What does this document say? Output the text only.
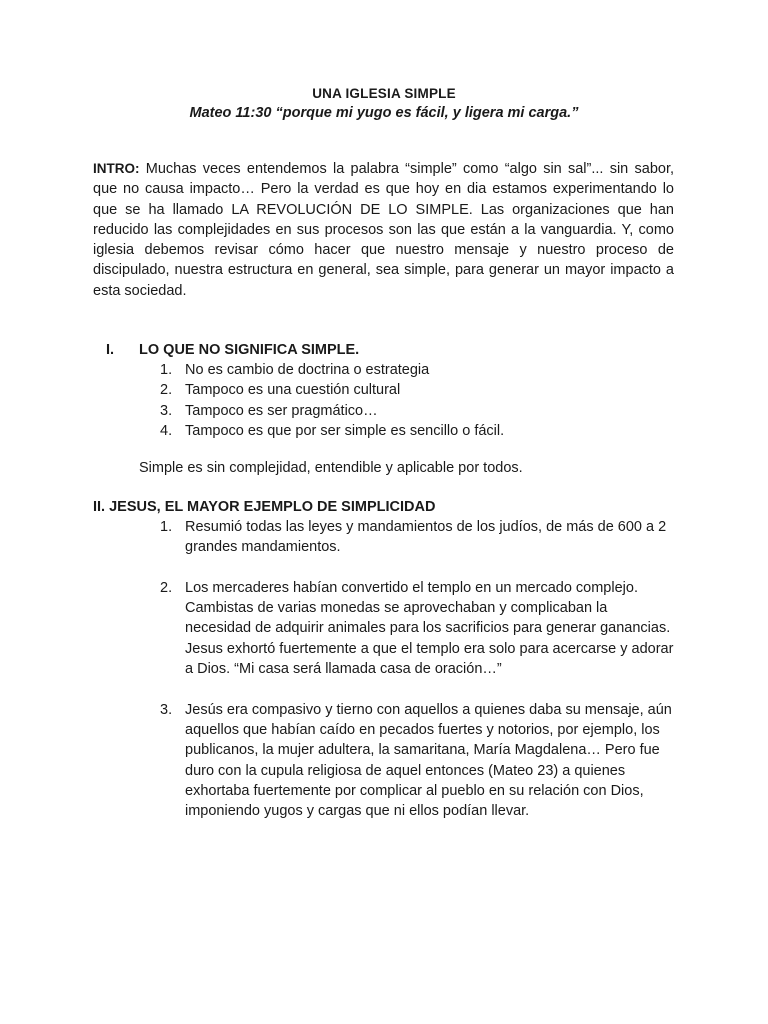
UNA IGLESIA SIMPLE
Mateo 11:30 “porque mi yugo es fácil, y ligera mi carga.”

INTRO: Muchas veces entendemos la palabra “simple” como “algo sin sal”... sin sabor, que no causa impacto… Pero la verdad es que hoy en dia estamos experimentando lo que se ha llamado LA REVOLUCIÓN DE LO SIMPLE. Las organizaciones que han reducido las complejidades en sus procesos son las que están a la vanguardia. Y, como iglesia debemos revisar cómo hacer que nuestro mensaje y nuestro proceso de discipulado, nuestra estructura en general, sea simple, para generar un mayor impacto a esta sociedad.

I. LO QUE NO SIGNIFICA SIMPLE.
1. No es cambio de doctrina o estrategia
2. Tampoco es una cuestión cultural
3. Tampoco es ser pragmático…
4. Tampoco es que por ser simple es sencillo o fácil.
Simple es sin complejidad, entendible y aplicable por todos.
II. JESUS, EL MAYOR EJEMPLO DE SIMPLICIDAD
1. Resumió todas las leyes y mandamientos de los judíos, de más de 600 a 2 grandes mandamientos.
2. Los mercaderes habían convertido el templo en un mercado complejo. Cambistas de varias monedas se aprovechaban y complicaban la necesidad de adquirir animales para los sacrificios para generar ganancias. Jesus exhortó fuertemente a que el templo era solo para acercarse y adorar a Dios. “Mi casa será llamada casa de oración…”
3. Jesús era compasivo y tierno con aquellos a quienes daba su mensaje, aún aquellos que habían caído en pecados fuertes y notorios, por ejemplo, los publicanos, la mujer adultera, la samaritana, María Magdalena… Pero fue duro con la cupula religiosa de aquel entonces (Mateo 23) a quienes exhortaba fuertemente por complicar al pueblo en su relación con Dios, imponiendo yugos y cargas que ni ellos podían llevar.
